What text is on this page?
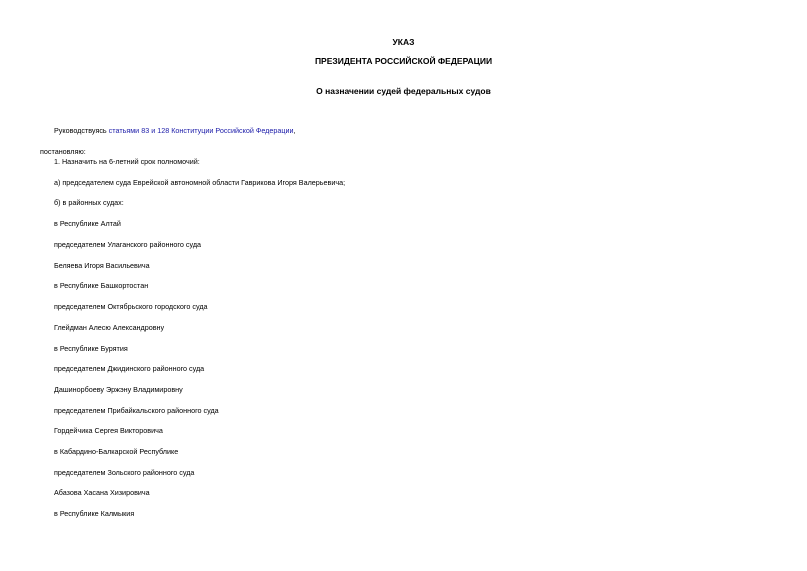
УКАЗ
ПРЕЗИДЕНТА РОССИЙСКОЙ ФЕДЕРАЦИИ
О назначении судей федеральных судов
Руководствуясь статьями 83 и 128 Конституции Российской Федерации,
постановляю:
1. Назначить на 6-летний срок полномочий:
а) председателем суда Еврейской автономной области Гаврикова Игоря Валерьевича;
б) в районных судах:
в Республике Алтай
председателем Улаганского районного суда
Беляева Игоря Васильевича
в Республике Башкортостан
председателем Октябрьского городского суда
Глейдман Алесю Александровну
в Республике Бурятия
председателем Джидинского районного суда
Дашинорбоеву Эржэну Владимировну
председателем Прибайкальского районного суда
Гордейчика Сергея Викторовича
в Кабардино-Балкарской Республике
председателем Зольского районного суда
Абазова Хасана Хизировича
в Республике Калмыкия
